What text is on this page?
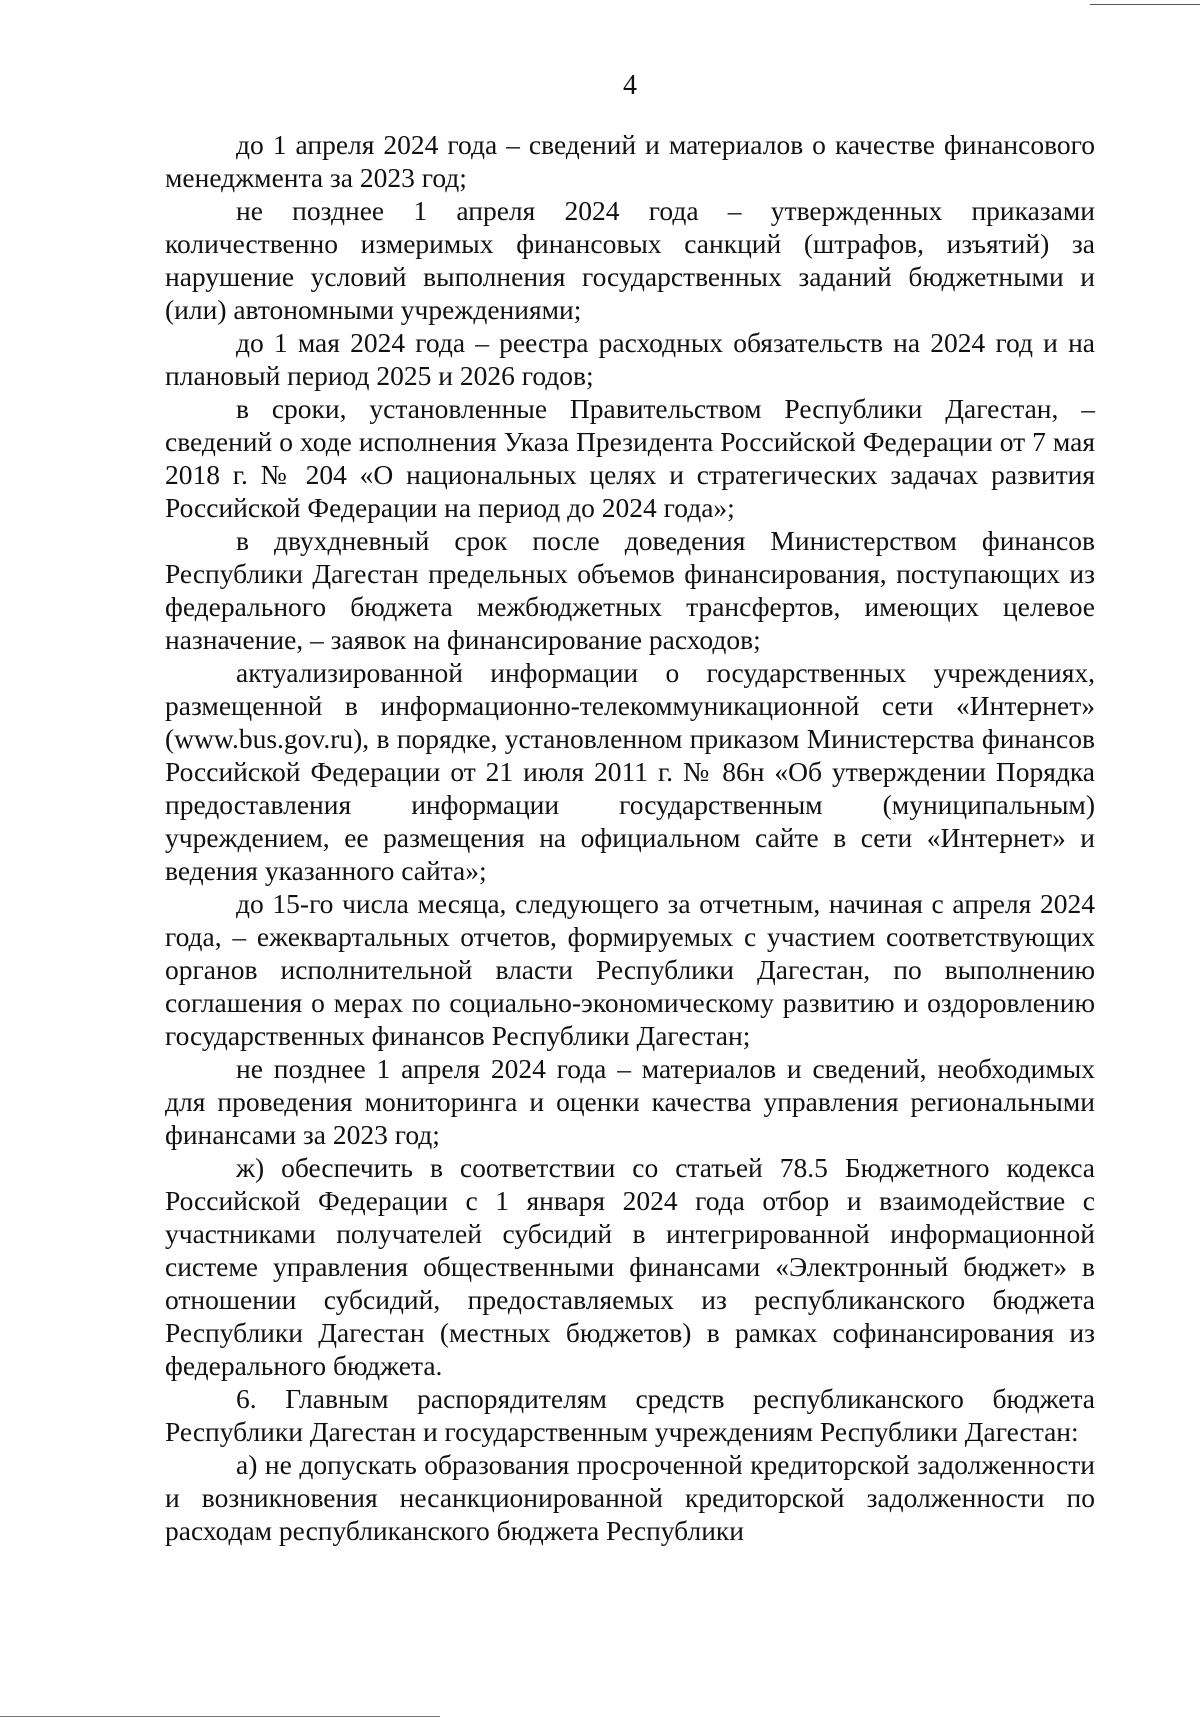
4

до 1 апреля 2024 года – сведений и материалов о качестве финансового менеджмента за 2023 год;

не позднее 1 апреля 2024 года – утвержденных приказами количественно измеримых финансовых санкций (штрафов, изъятий) за нарушение условий выполнения государственных заданий бюджетными и (или) автономными учреждениями;

до 1 мая 2024 года – реестра расходных обязательств на 2024 год и на плановый период 2025 и 2026 годов;

в сроки, установленные Правительством Республики Дагестан, – сведений о ходе исполнения Указа Президента Российской Федерации от 7 мая 2018 г. № 204 «О национальных целях и стратегических задачах развития Российской Федерации на период до 2024 года»;

в двухдневный срок после доведения Министерством финансов Республики Дагестан предельных объемов финансирования, поступающих из федерального бюджета межбюджетных трансфертов, имеющих целевое назначение, – заявок на финансирование расходов;

актуализированной информации о государственных учреждениях, размещенной в информационно-телекоммуникационной сети «Интернет» (www.bus.gov.ru), в порядке, установленном приказом Министерства финансов Российской Федерации от 21 июля 2011 г. № 86н «Об утверждении Порядка предоставления информации государственным (муниципальным) учреждением, ее размещения на официальном сайте в сети «Интернет» и ведения указанного сайта»;

до 15-го числа месяца, следующего за отчетным, начиная с апреля 2024 года, – ежеквартальных отчетов, формируемых с участием соответствующих органов исполнительной власти Республики Дагестан, по выполнению соглашения о мерах по социально-экономическому развитию и оздоровлению государственных финансов Республики Дагестан;

не позднее 1 апреля 2024 года – материалов и сведений, необходимых для проведения мониторинга и оценки качества управления региональными финансами за 2023 год;

ж) обеспечить в соответствии со статьей 78.5 Бюджетного кодекса Российской Федерации с 1 января 2024 года отбор и взаимодействие с участниками получателей субсидий в интегрированной информационной системе управления общественными финансами «Электронный бюджет» в отношении субсидий, предоставляемых из республиканского бюджета Республики Дагестан (местных бюджетов) в рамках софинансирования из федерального бюджета.

6. Главным распорядителям средств республиканского бюджета Республики Дагестан и государственным учреждениям Республики Дагестан:

а) не допускать образования просроченной кредиторской задолженности и возникновения несанкционированной кредиторской задолженности по расходам республиканского бюджета Республики
